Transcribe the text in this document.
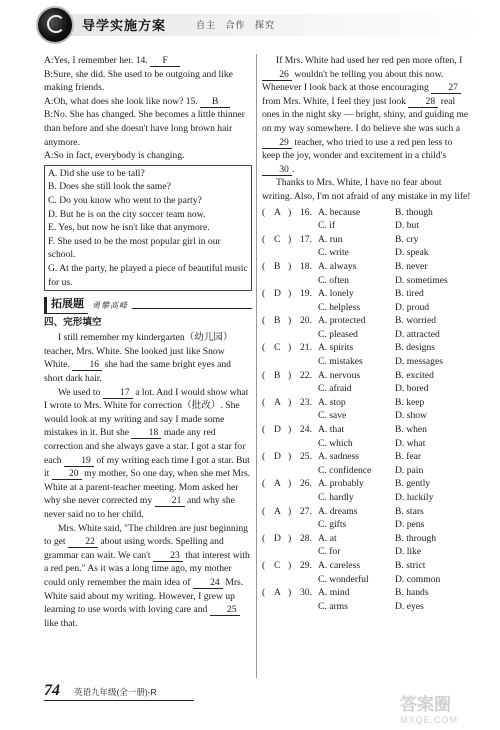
导学实施方案	自主 合作 探究

A:Yes, I remember her. 14. F

B:Sure, she did. She used to be outgoing and like making friends.

A:Oh, what does she look like now? 15. B

B:No. She has changed. She becomes a little thinner than before and she doesn't have long brown hair anymore.

A:So in fact, everybody is changing.

A. Did she use to be tall?

B. Does she still look the same?

C. Do you know who went to the party?

D. But he is on the city soccer team now.

E. Yes, but now he isn't like that anymore.

F. She used to be the most popular girl in our school.

G. At the party, he played a piece of beautiful music for us.

拓展题	勇攀高峰
四、完形填空

I still remember my kindergarten（幼儿园）teacher, Mrs. White. She looked just like Snow White. 16 she had the same bright eyes and short dark hair.

We used to 17 a lot. And I would show what I wrote to Mrs. White for correction（批改）. She would look at my writing and say I made some mistakes in it. But she 18 made any red correction and she always gave a star. I got a star for each 19 of my writing each time I got a star. But it 20 my mother, So one day, when she met Mrs. White at a parent-teacher meeting. Mom asked her why she never corrected my 21 and why she never said no to her child.

Mrs. White said, "The children are just beginning to get 22 about using words. Spelling and grammar can wait. We can't 23 that interest with a red pen." As it was a long time ago, my mother could only remember the main idea of 24 Mrs. White said about my writing. However, I grew up learning to use words with loving care and 25 like that.

If Mrs. White had used her red pen more often, I 26 wouldn't be telling you about this now. Whenever I look back at those encouraging 27 from Mrs. White, I feel they just look 28 real ones in the night sky — bright, shiny, and guiding me on my way somewhere. I do believe she was such a 29 teacher, who tried to use a red pen less to keep the joy, wonder and excitement in a child's 30 .

Thanks to Mrs. White, I have no fear about writing. Also, I'm not afraid of any mistake in my life!

( A ) 16. A. because	B. though
C. if	D. but
( C ) 17. A. run	B. cry
C. write	D. speak
( B ) 18. A. always	B. never
C. often	D. sometimes
( D ) 19. A. lonely	B. tired
C. helpless	D. proud
( B ) 20. A. protected	B. worried
C. pleased	D. attracted
( C ) 21. A. spirits	B. designs
C. mistakes	D. messages
( B ) 22. A. nervous	B. excited
C. afraid	D. bored
( A ) 23. A. stop	B. keep
C. save	D. show
( D ) 24. A. that	B. when
C. which	D. what
( D ) 25. A. sadness	B. fear
C. confidence	D. pain
( A ) 26. A. probably	B. gently
C. hardly	D. luckily
( A ) 27. A. dreams	B. stars
C. gifts	D. pens
( D ) 28. A. at	B. through
C. for	D. like
( C ) 29. A. careless	B. strict
C. wonderful	D. common
( A ) 30. A. mind	B. hands
C. arms	D. eyes
74 英语九年级(全一册)-R
答案圈
MXQE.COM
